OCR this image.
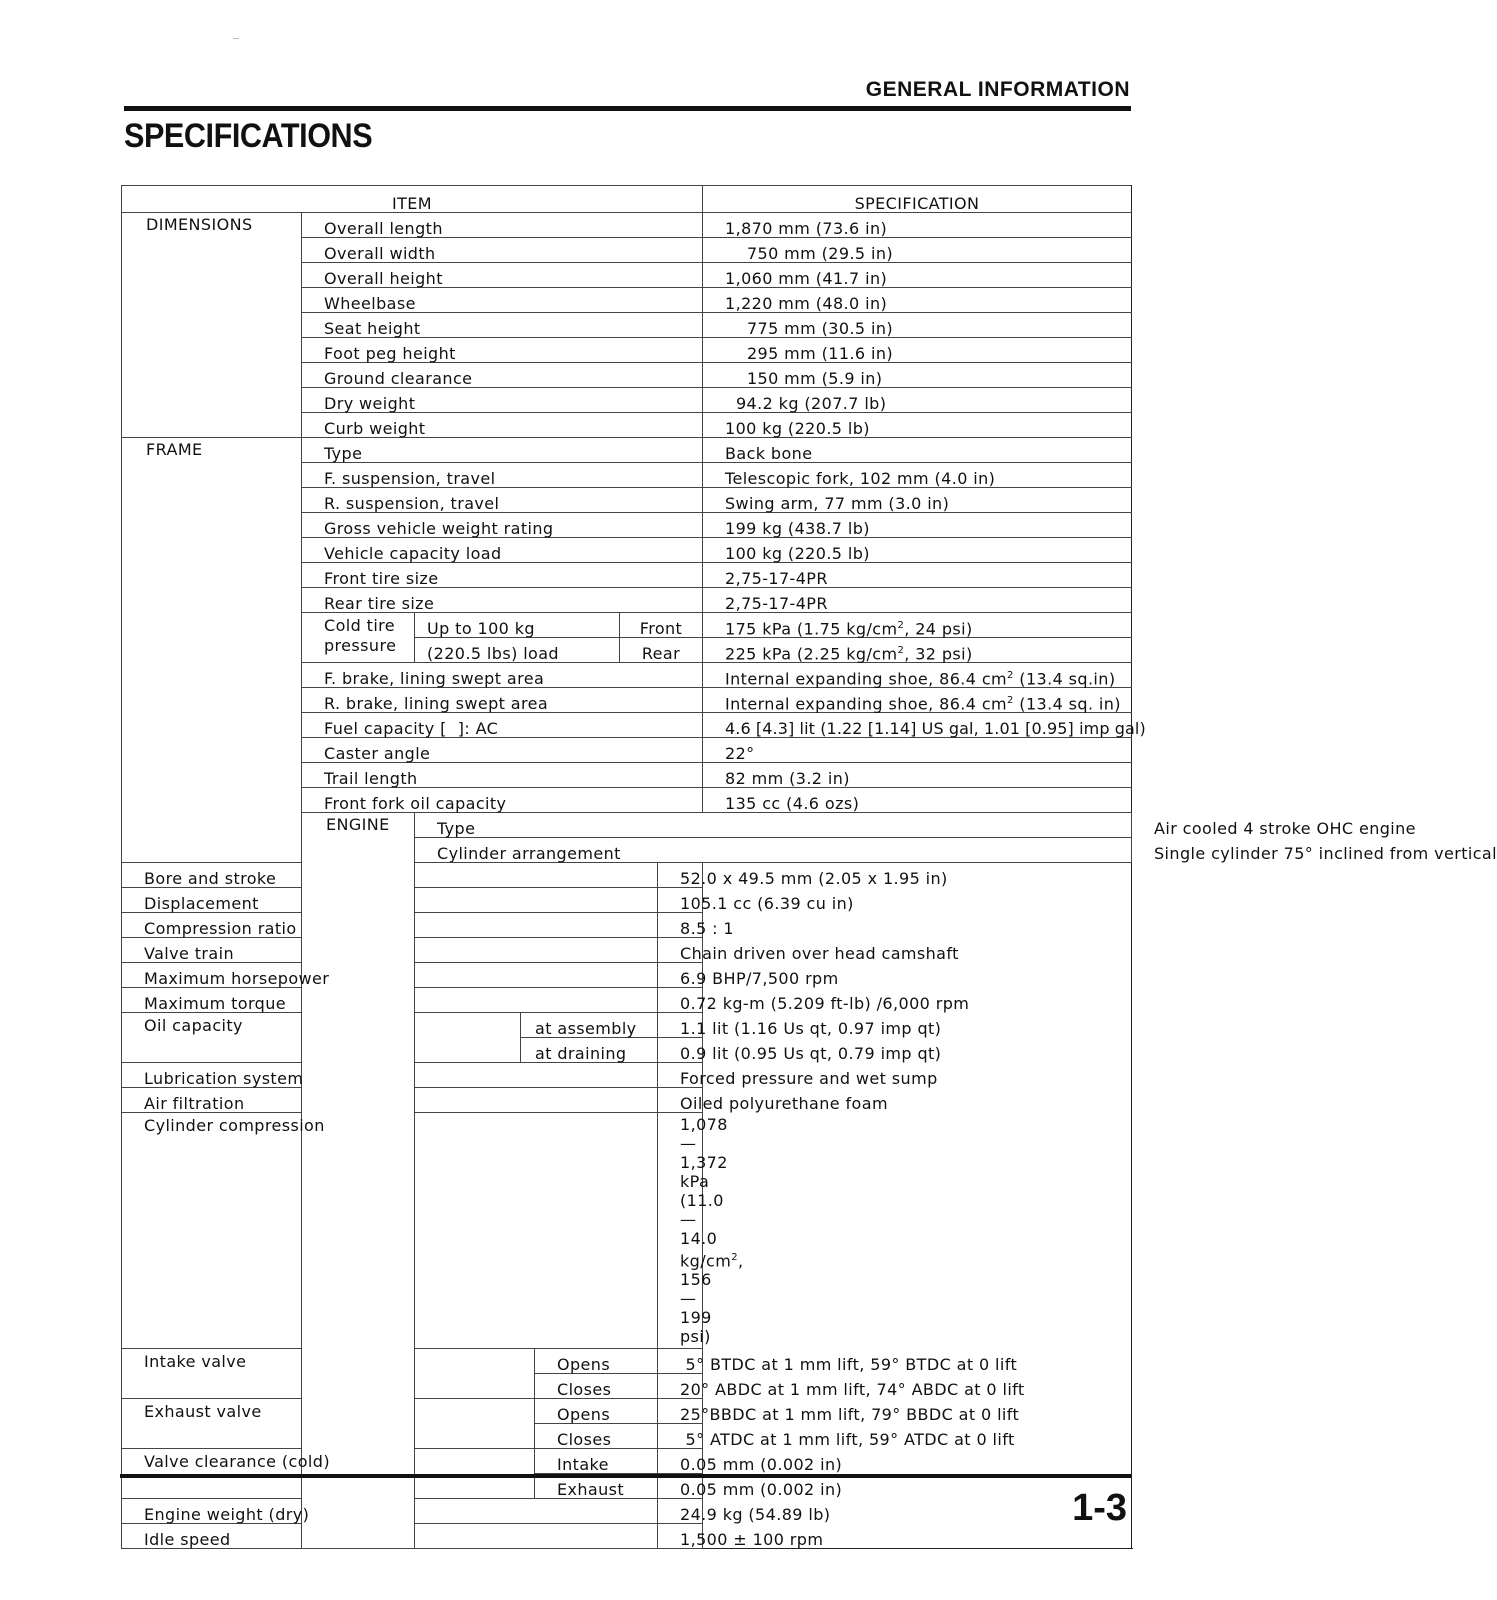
GENERAL INFORMATION
SPECIFICATIONS
ITEM							SPECIFICATION	
DIMENSIONS	Overall length						1,870 mm (73.6 in)	
	Overall width						750 mm (29.5 in)	
	Overall height						1,060 mm (41.7 in)	
	Wheelbase						1,220 mm (48.0 in)	
	Seat height						775 mm (30.5 in)	
	Foot peg height						295 mm (11.6 in)	
	Ground clearance						150 mm (5.9 in)	
	Dry weight						94.2 kg (207.7 lb)	
	Curb weight						100 kg (220.5 lb)	
FRAME	Type						Back bone	
	F. suspension, travel						Telescopic fork, 102 mm (4.0 in)	
	R. suspension, travel						Swing arm, 77 mm (3.0 in)	
	Gross vehicle weight rating						199 kg (438.7 lb)	
	Vehicle capacity load						100 kg (220.5 lb)	
	Front tire size						2,75-17-4PR	
	Rear tire size						2,75-17-4PR	
	Cold tire
pressure	Up to 100 kg			Front		175 kPa (1.75 $kg/cm^2$, 24 psi)	
		(220.5 lbs) load			Rear		225 kPa (2.25 $kg/cm^2$, 32 psi)	
	F. brake, lining swept area						Internal expanding shoe, 86.4 $cm^2$ (13.4 sq.in)	
	R. brake, lining swept area						Internal expanding shoe, 86.4 $cm^2$ (13.4 sq. in)	
	Fuel capacity [  ]: AC						4.6 [4.3] lit (1.22 [1.14] US gal, 1.01 [0.95] imp gal)	
	Caster angle						22°	
	Trail length						82 mm (3.2 in)	
	Front fork oil capacity						135 cc (4.6 ozs)	
	ENGINE	Type						Air cooled 4 stroke OHC engine
		Cylinder arrangement						Single cylinder 75° inclined from vertical
Bore and stroke						52.0 x 49.5 mm (2.05 x 1.95 in)		
Displacement						105.1 cc (6.39 cu in)		
Compression ratio						8.5 : 1		
Valve train						Chain driven over head camshaft		
Maximum horsepower						6.9 BHP/7,500 rpm		
Maximum torque						0.72 kg-m (5.209 ft-lb) /6,000 rpm		
Oil capacity			at assembly			1.1 lit (1.16 Us qt, 0.97 imp qt)		
			at draining			0.9 lit (0.95 Us qt, 0.79 imp qt)		
Lubrication system						Forced pressure and wet sump		
Air filtration						Oiled polyurethane foam		
Cylinder compression						1,078—1,372 kPa (11.0—14.0 $kg/cm^2$, 156—199 psi)		
Intake valve				Opens		5° BTDC at 1 mm lift, 59° BTDC at 0 lift		
				Closes		20° ABDC at 1 mm lift, 74° ABDC at 0 lift		
Exhaust valve				Opens		25°BBDC at 1 mm lift, 79° BBDC at 0 lift		
				Closes		5° ATDC at 1 mm lift, 59° ATDC at 0 lift		
Valve clearance (cold)				Intake		0.05 mm (0.002 in)		
				Exhaust		0.05 mm (0.002 in)		
Engine weight (dry)						24.9 kg (54.89 lb)		
Idle speed						1,500 ± 100 rpm		
1-3
